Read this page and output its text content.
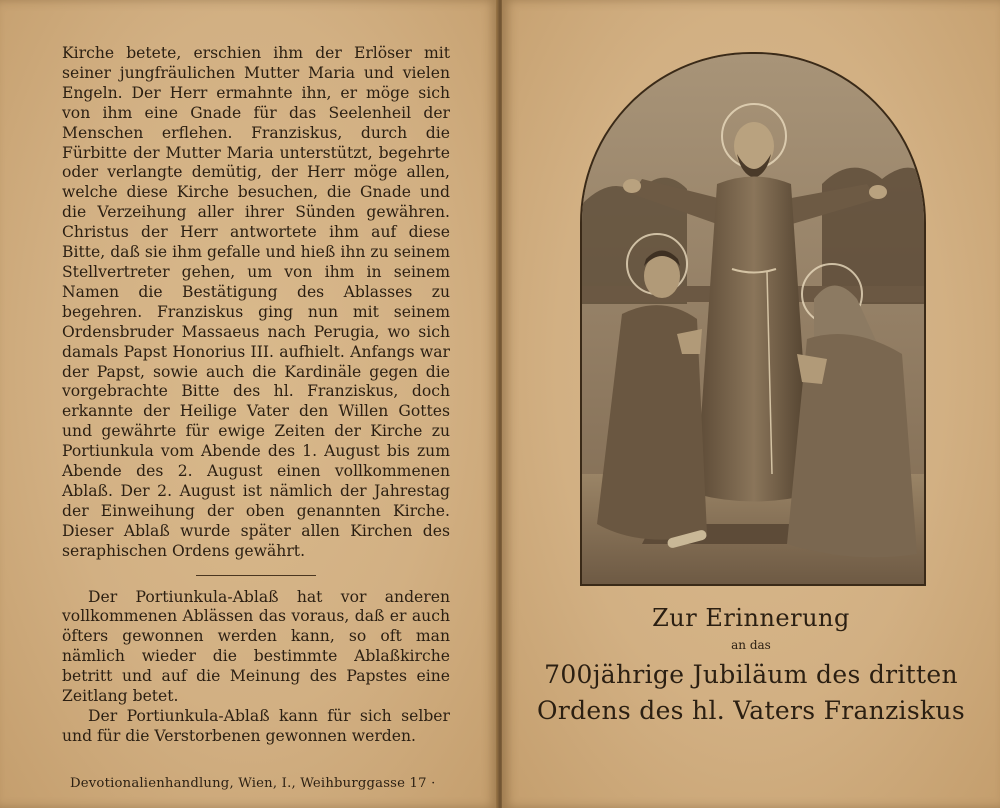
Kirche betete, erschien ihm der Erlöser mit seiner jungfräulichen Mutter Maria und vielen Engeln. Der Herr ermahnte ihn, er möge sich von ihm eine Gnade für das Seelenheil der Menschen erflehen. Franziskus, durch die Fürbitte der Mutter Maria unterstützt, begehrte oder verlangte demütig, der Herr möge allen, welche diese Kirche besuchen, die Gnade und die Verzeihung aller ihrer Sünden gewähren. Christus der Herr antwortete ihm auf diese Bitte, daß sie ihm gefalle und hieß ihn zu seinem Stellvertreter gehen, um von ihm in seinem Namen die Bestätigung des Ablasses zu begehren. Franziskus ging nun mit seinem Ordensbruder Massaeus nach Perugia, wo sich damals Papst Honorius III. aufhielt. Anfangs war der Papst, sowie auch die Kardinäle gegen die vorgebrachte Bitte des hl. Franziskus, doch erkannte der Heilige Vater den Willen Gottes und gewährte für ewige Zeiten der Kirche zu Portiunkula vom Abende des 1. August bis zum Abende des 2. August einen vollkommenen Ablaß. Der 2. August ist nämlich der Jahrestag der Einweihung der oben genannten Kirche. Dieser Ablaß wurde später allen Kirchen des seraphischen Ordens gewährt.

Der Portiunkula-Ablaß hat vor anderen vollkommenen Ablässen das voraus, daß er auch öfters gewonnen werden kann, so oft man nämlich wieder die bestimmte Ablaßkirche betritt und auf die Meinung des Papstes eine Zeitlang betet.

Der Portiunkula-Ablaß kann für sich selber und für die Verstorbenen gewonnen werden.

Devotionalienhandlung, Wien, I., Weihburggasse 17 ·
Zur Erinnerung
an das
700jährige Jubiläum des dritten
Ordens des hl. Vaters Franziskus
